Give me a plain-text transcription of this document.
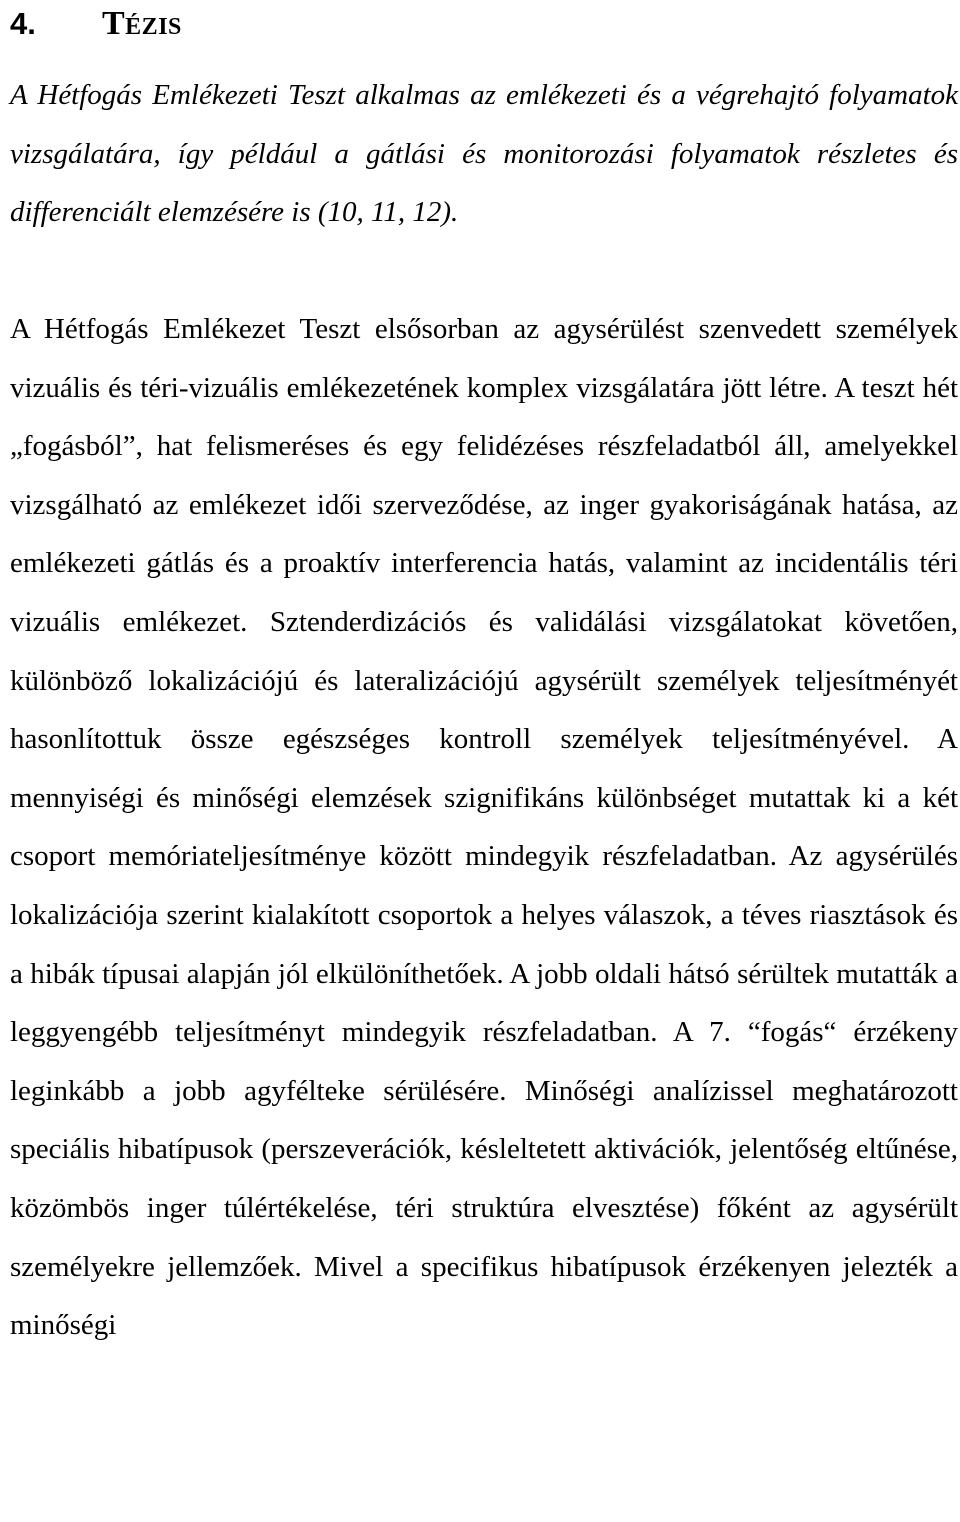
4. Tézis

A Hétfogás Emlékezeti Teszt alkalmas az emlékezeti és a végrehajtó folyamatok vizsgálatára, így például a gátlási és monitorozási folyamatok részletes és differenciált elemzésére is (10, 11, 12).

A Hétfogás Emlékezet Teszt elsősorban az agysérülést szenvedett személyek vizuális és téri-vizuális emlékezetének komplex vizsgálatára jött létre. A teszt hét „fogásból”, hat felismeréses és egy felidézéses részfeladatból áll, amelyekkel vizsgálható az emlékezet idői szerveződése, az inger gyakoriságának hatása, az emlékezeti gátlás és a proaktív interferencia hatás, valamint az incidentális téri vizuális emlékezet. Sztenderdizációs és validálási vizsgálatokat követően, különböző lokalizációjú és lateralizációjú agysérült személyek teljesítményét hasonlítottuk össze egészséges kontroll személyek teljesítményével. A mennyiségi és minőségi elemzések szignifikáns különbséget mutattak ki a két csoport memóriateljesítménye között mindegyik részfeladatban. Az agysérülés lokalizációja szerint kialakított csoportok a helyes válaszok, a téves riasztások és a hibák típusai alapján jól elkülöníthetőek. A jobb oldali hátsó sérültek mutatták a leggyengébb teljesítményt mindegyik részfeladatban. A 7. “fogás“ érzékeny leginkább a jobb agyfélteke sérülésére. Minőségi analízissel meghatározott speciális hibatípusok (perszeverációk, késleltetett aktivációk, jelentőség eltűnése, közömbös inger túlértékelése, téri struktúra elvesztése) főként az agysérült személyekre jellemzőek. Mivel a specifikus hibatípusok érzékenyen jelezték a minőségi
